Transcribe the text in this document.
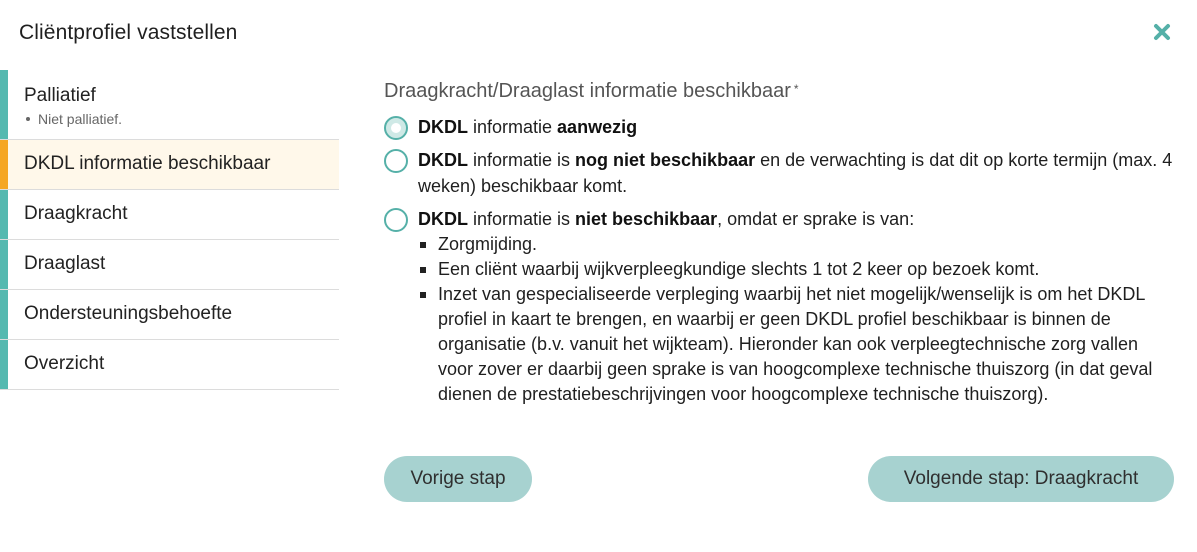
Cliëntprofiel vaststellen
Palliatief
Niet palliatief.
DKDL informatie beschikbaar
Draagkracht
Draaglast
Ondersteuningsbehoefte
Overzicht
Draagkracht/Draaglast informatie beschikbaar *
DKDL informatie aanwezig
DKDL informatie is nog niet beschikbaar en de verwachting is dat dit op korte termijn (max. 4 weken) beschikbaar komt.
DKDL informatie is niet beschikbaar, omdat er sprake is van:
Zorgmijding.
Een cliënt waarbij wijkverpleegkundige slechts 1 tot 2 keer op bezoek komt.
Inzet van gespecialiseerde verpleging waarbij het niet mogelijk/wenselijk is om het DKDL profiel in kaart te brengen, en waarbij er geen DKDL profiel beschikbaar is binnen de organisatie (b.v. vanuit het wijkteam). Hieronder kan ook verpleegtechnische zorg vallen voor zover er daarbij geen sprake is van hoogcomplexe technische thuiszorg (in dat geval dienen de prestatiebeschrijvingen voor hoogcomplexe technische thuiszorg).
Vorige stap	Volgende stap: Draagkracht
